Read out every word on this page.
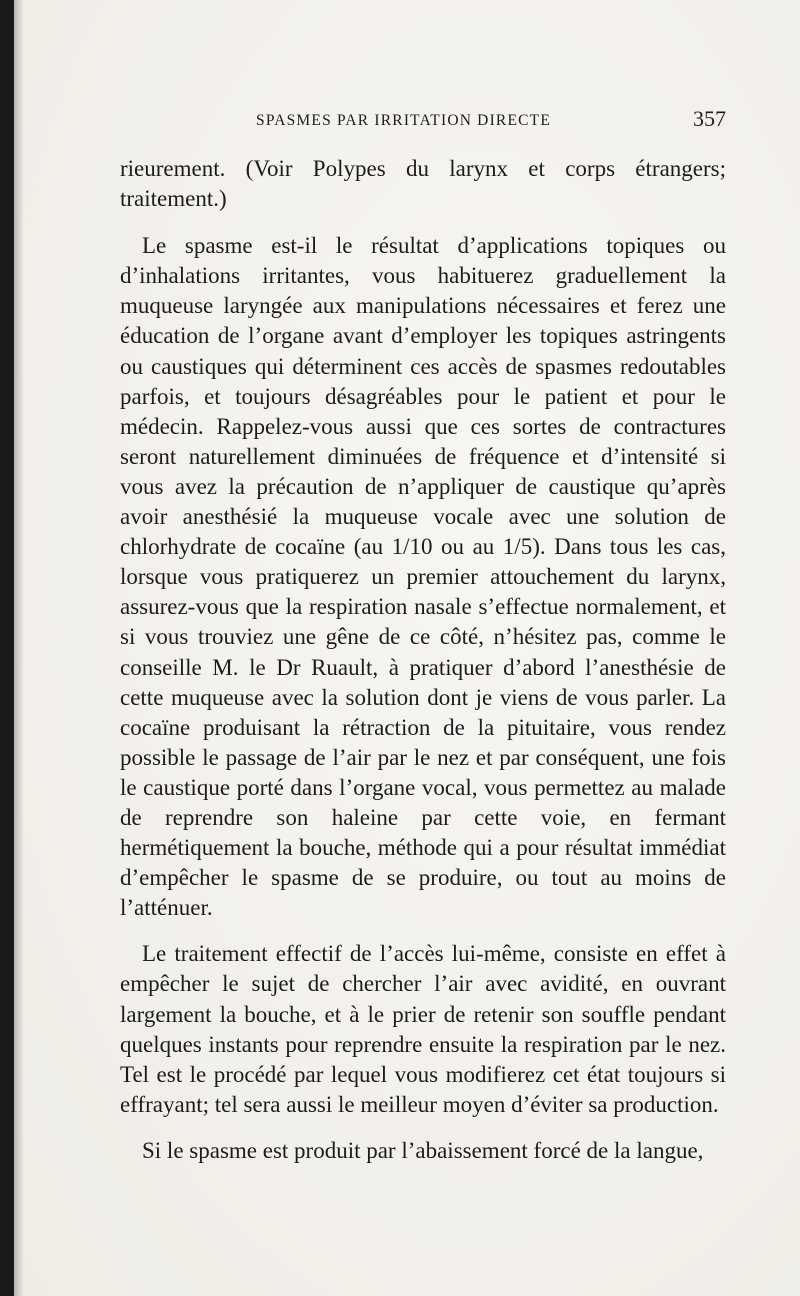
SPASMES PAR IRRITATION DIRECTE	357

rieurement. (Voir Polypes du larynx et corps étrangers; traitement.)

Le spasme est-il le résultat d’applications topiques ou d’inhalations irritantes, vous habituerez graduellement la muqueuse laryngée aux manipulations nécessaires et ferez une éducation de l’organe avant d’employer les topiques astringents ou caustiques qui déterminent ces accès de spasmes redoutables parfois, et toujours désagréables pour le patient et pour le médecin. Rappelez-vous aussi que ces sortes de contractures seront naturellement diminuées de fréquence et d’intensité si vous avez la précaution de n’appliquer de caustique qu’après avoir anesthésié la muqueuse vocale avec une solution de chlorhydrate de cocaïne (au 1/10 ou au 1/5). Dans tous les cas, lorsque vous pratiquerez un premier attouchement du larynx, assurez-vous que la respiration nasale s’effectue normalement, et si vous trouviez une gêne de ce côté, n’hésitez pas, comme le conseille M. le Dr Ruault, à pratiquer d’abord l’anesthésie de cette muqueuse avec la solution dont je viens de vous parler. La cocaïne produisant la rétraction de la pituitaire, vous rendez possible le passage de l’air par le nez et par conséquent, une fois le caustique porté dans l’organe vocal, vous permettez au malade de reprendre son haleine par cette voie, en fermant hermétiquement la bouche, méthode qui a pour résultat immédiat d’empêcher le spasme de se produire, ou tout au moins de l’atténuer.

Le traitement effectif de l’accès lui-même, consiste en effet à empêcher le sujet de chercher l’air avec avidité, en ouvrant largement la bouche, et à le prier de retenir son souffle pendant quelques instants pour reprendre ensuite la respiration par le nez. Tel est le procédé par lequel vous modifierez cet état toujours si effrayant; tel sera aussi le meilleur moyen d’éviter sa production.

Si le spasme est produit par l’abaissement forcé de la langue,
